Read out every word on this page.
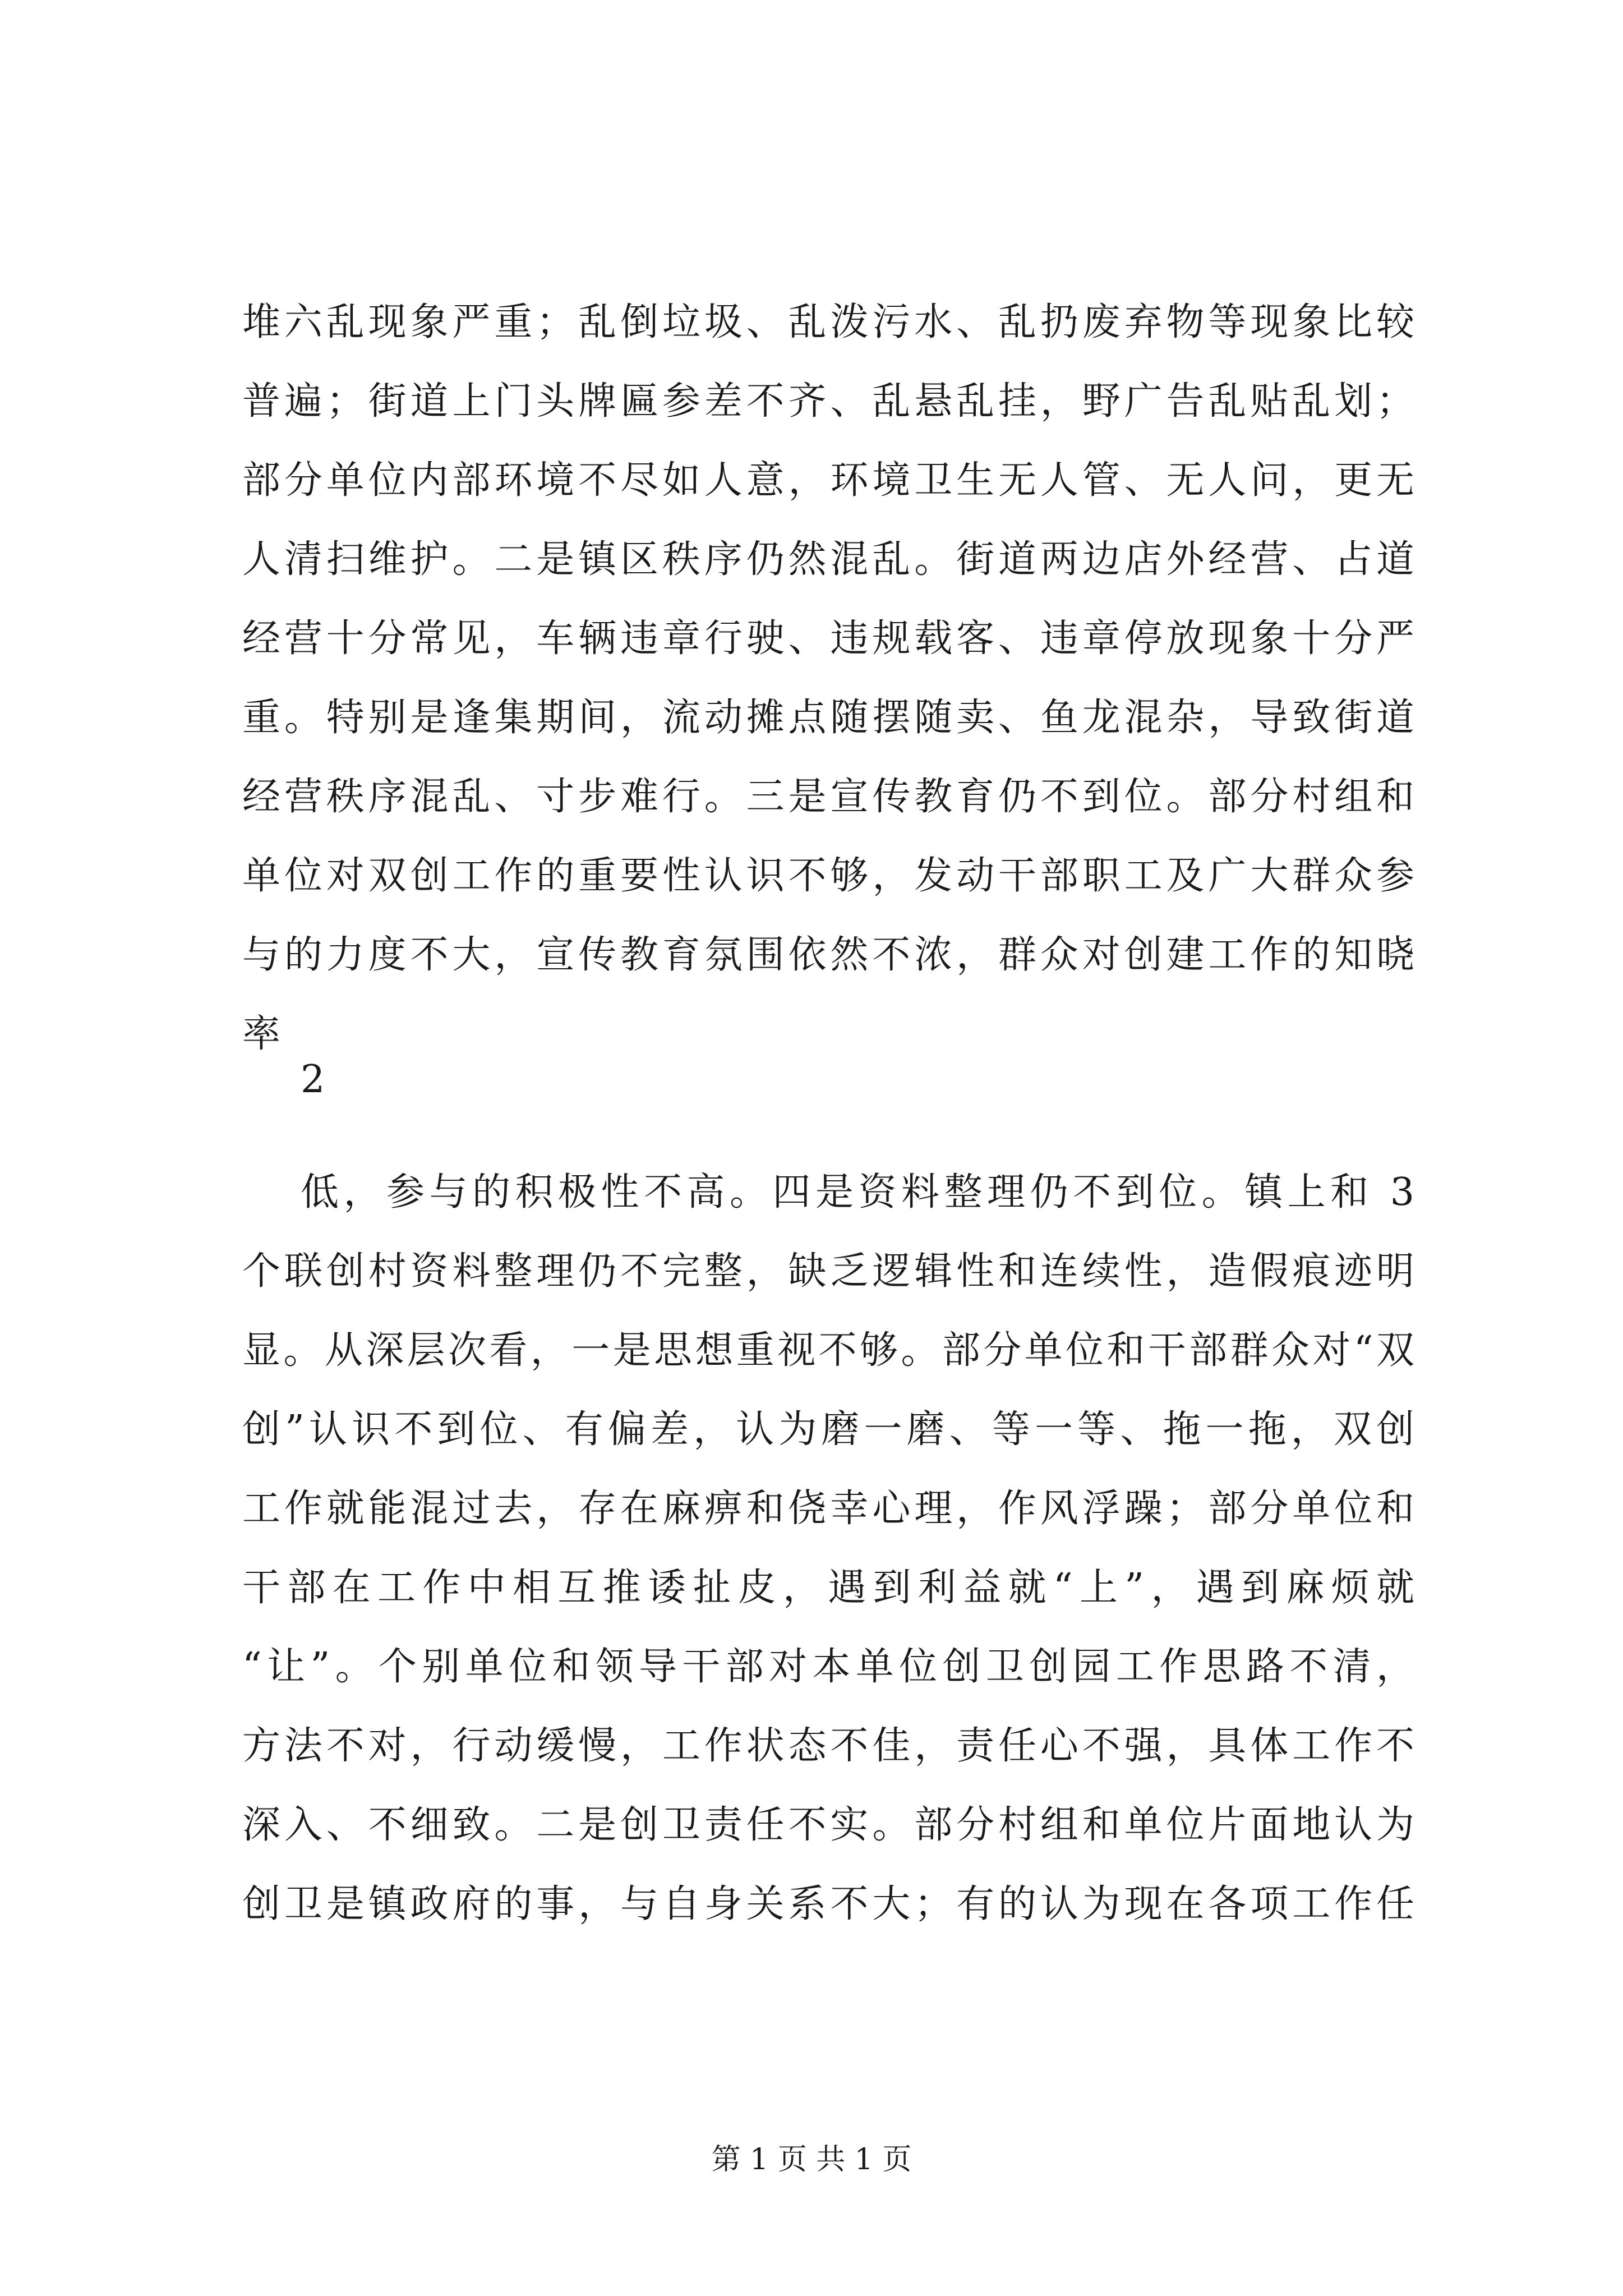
堆六乱现象严重；乱倒垃圾、乱泼污水、乱扔废弃物等现象比较
普遍；街道上门头牌匾参差不齐、乱悬乱挂，野广告乱贴乱划；
部分单位内部环境不尽如人意，环境卫生无人管、无人问，更无
人清扫维护。二是镇区秩序仍然混乱。街道两边店外经营、占道
经营十分常见，车辆违章行驶、违规载客、违章停放现象十分严
重。特别是逢集期间，流动摊点随摆随卖、鱼龙混杂，导致街道
经营秩序混乱、寸步难行。三是宣传教育仍不到位。部分村组和
单位对双创工作的重要性认识不够，发动干部职工及广大群众参
与的力度不大，宣传教育氛围依然不浓，群众对创建工作的知晓
率
低，参与的积极性不高。四是资料整理仍不到位。镇上和 3
个联创村资料整理仍不完整，缺乏逻辑性和连续性，造假痕迹明
显。从深层次看，一是思想重视不够。部分单位和干部群众对“双
创”认识不到位、有偏差，认为磨一磨、等一等、拖一拖，双创
工作就能混过去，存在麻痹和侥幸心理，作风浮躁；部分单位和
干部在工作中相互推诿扯皮，遇到利益就“上”，遇到麻烦就
“让”。个别单位和领导干部对本单位创卫创园工作思路不清，
方法不对，行动缓慢，工作状态不佳，责任心不强，具体工作不
深入、不细致。二是创卫责任不实。部分村组和单位片面地认为
创卫是镇政府的事，与自身关系不大；有的认为现在各项工作任
2
第 1 页 共 1 页
